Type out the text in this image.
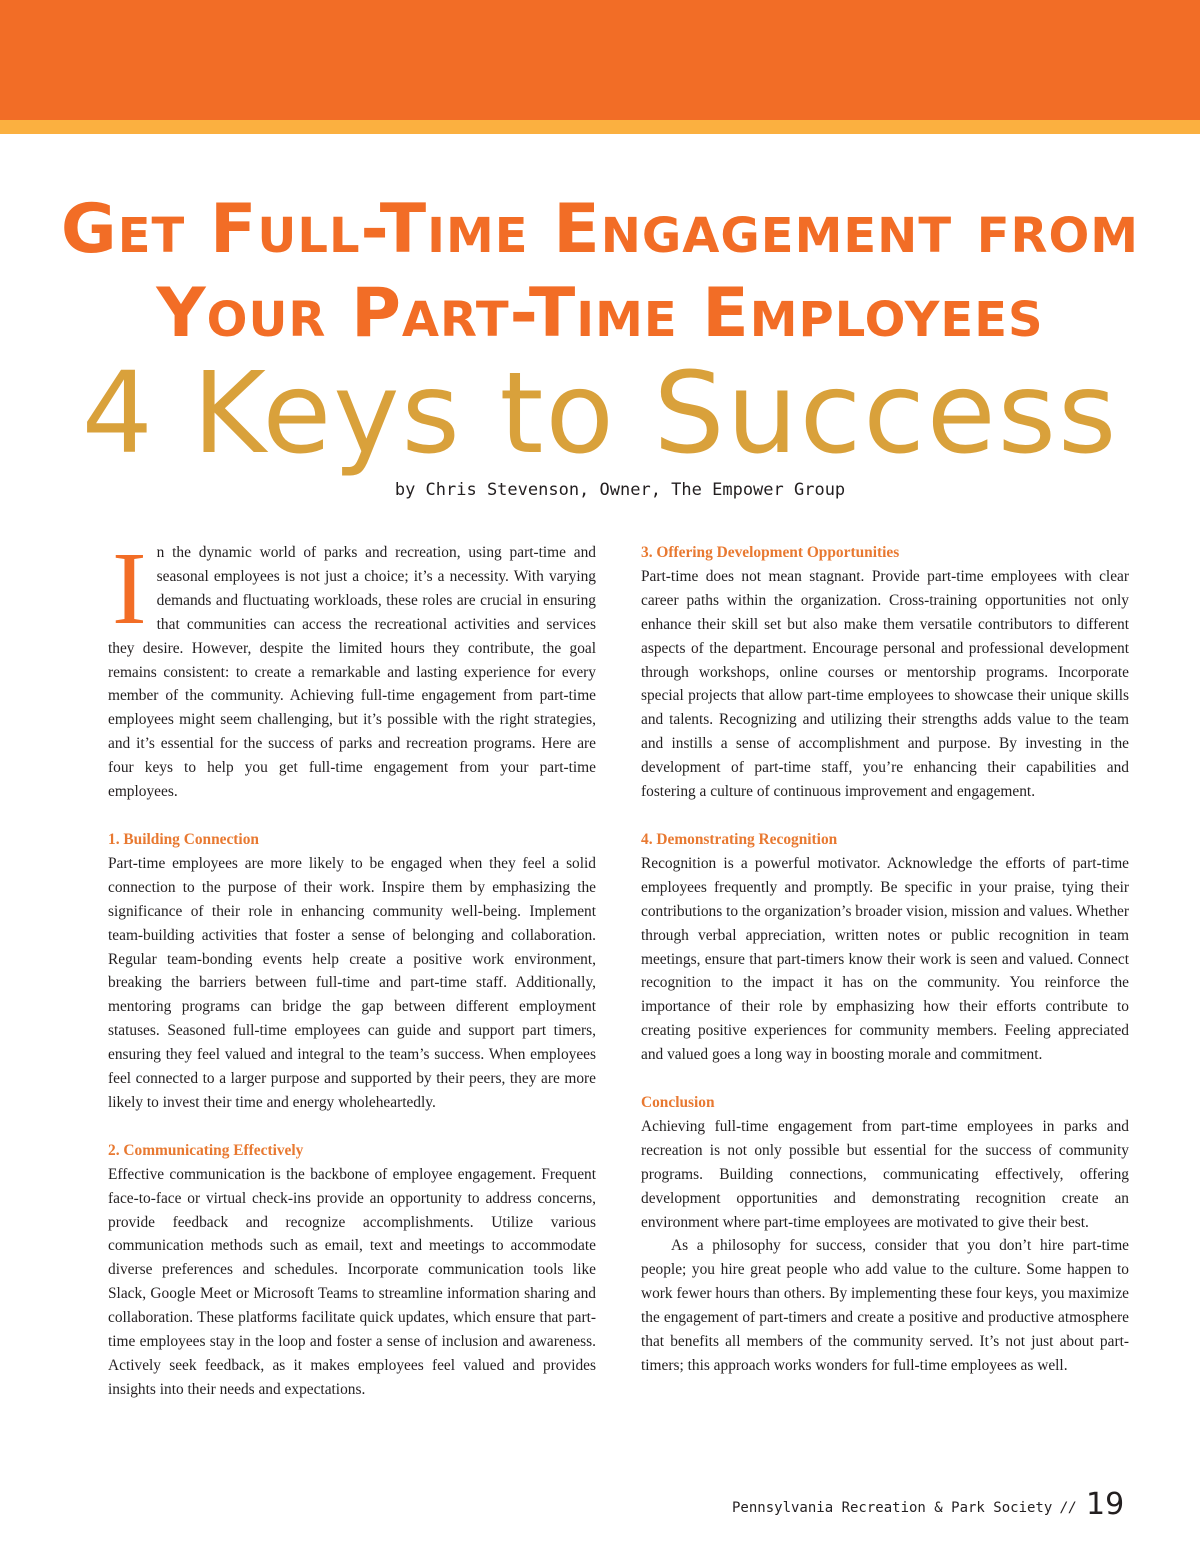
Get Full-Time Engagement from
Your Part-Time Employees
4 Keys to Success
by Chris Stevenson, Owner, The Empower Group

In the dynamic world of parks and recreation, using part-time and seasonal employees is not just a choice; it’s a necessity. With varying demands and fluctuating workloads, these roles are crucial in ensuring that communities can access the recreational activities and services they desire. However, despite the limited hours they contribute, the goal remains consistent: to create a remarkable and lasting experience for every member of the community. Achieving full-time engagement from part-time employees might seem challenging, but it’s possible with the right strategies, and it’s essential for the success of parks and recreation programs. Here are four keys to help you get full-time engagement from your part-time employees.

1. Building Connection

Part-time employees are more likely to be engaged when they feel a solid connection to the purpose of their work. Inspire them by emphasizing the significance of their role in enhancing community well-being. Implement team-building activities that foster a sense of belonging and collaboration. Regular team-bonding events help create a positive work environment, breaking the barriers between full-time and part-time staff. Additionally, mentoring programs can bridge the gap between different employment statuses. Seasoned full-time employees can guide and support part timers, ensuring they feel valued and integral to the team’s success. When employees feel connected to a larger purpose and supported by their peers, they are more likely to invest their time and energy wholeheartedly.

2. Communicating Effectively

Effective communication is the backbone of employee engagement. Frequent face-to-face or virtual check-ins provide an opportunity to address concerns, provide feedback and recognize accomplishments. Utilize various communication methods such as email, text and meetings to accommodate diverse preferences and schedules. Incorporate communication tools like Slack, Google Meet or Microsoft Teams to streamline information sharing and collaboration. These platforms facilitate quick updates, which ensure that part-time employees stay in the loop and foster a sense of inclusion and awareness. Actively seek feedback, as it makes employees feel valued and provides insights into their needs and expectations.

3. Offering Development Opportunities

Part-time does not mean stagnant. Provide part-time employees with clear career paths within the organization. Cross-training opportunities not only enhance their skill set but also make them versatile contributors to different aspects of the department. Encourage personal and professional development through workshops, online courses or mentorship programs. Incorporate special projects that allow part-time employees to showcase their unique skills and talents. Recognizing and utilizing their strengths adds value to the team and instills a sense of accomplishment and purpose. By investing in the development of part-time staff, you’re enhancing their capabilities and fostering a culture of continuous improvement and engagement.

4. Demonstrating Recognition

Recognition is a powerful motivator. Acknowledge the efforts of part-time employees frequently and promptly. Be specific in your praise, tying their contributions to the organization’s broader vision, mission and values. Whether through verbal appreciation, written notes or public recognition in team meetings, ensure that part-timers know their work is seen and valued. Connect recognition to the impact it has on the community. You reinforce the importance of their role by emphasizing how their efforts contribute to creating positive experiences for community members. Feeling appreciated and valued goes a long way in boosting morale and commitment.

Conclusion

Achieving full-time engagement from part-time employees in parks and recreation is not only possible but essential for the success of community programs. Building connections, communicating effectively, offering development opportunities and demonstrating recognition create an environment where part-time employees are motivated to give their best.

As a philosophy for success, consider that you don’t hire part-time people; you hire great people who add value to the culture. Some happen to work fewer hours than others. By implementing these four keys, you maximize the engagement of part-timers and create a positive and productive atmosphere that benefits all members of the community served. It’s not just about part-timers; this approach works wonders for full-time employees as well.

Pennsylvania Recreation & Park Society // 19
